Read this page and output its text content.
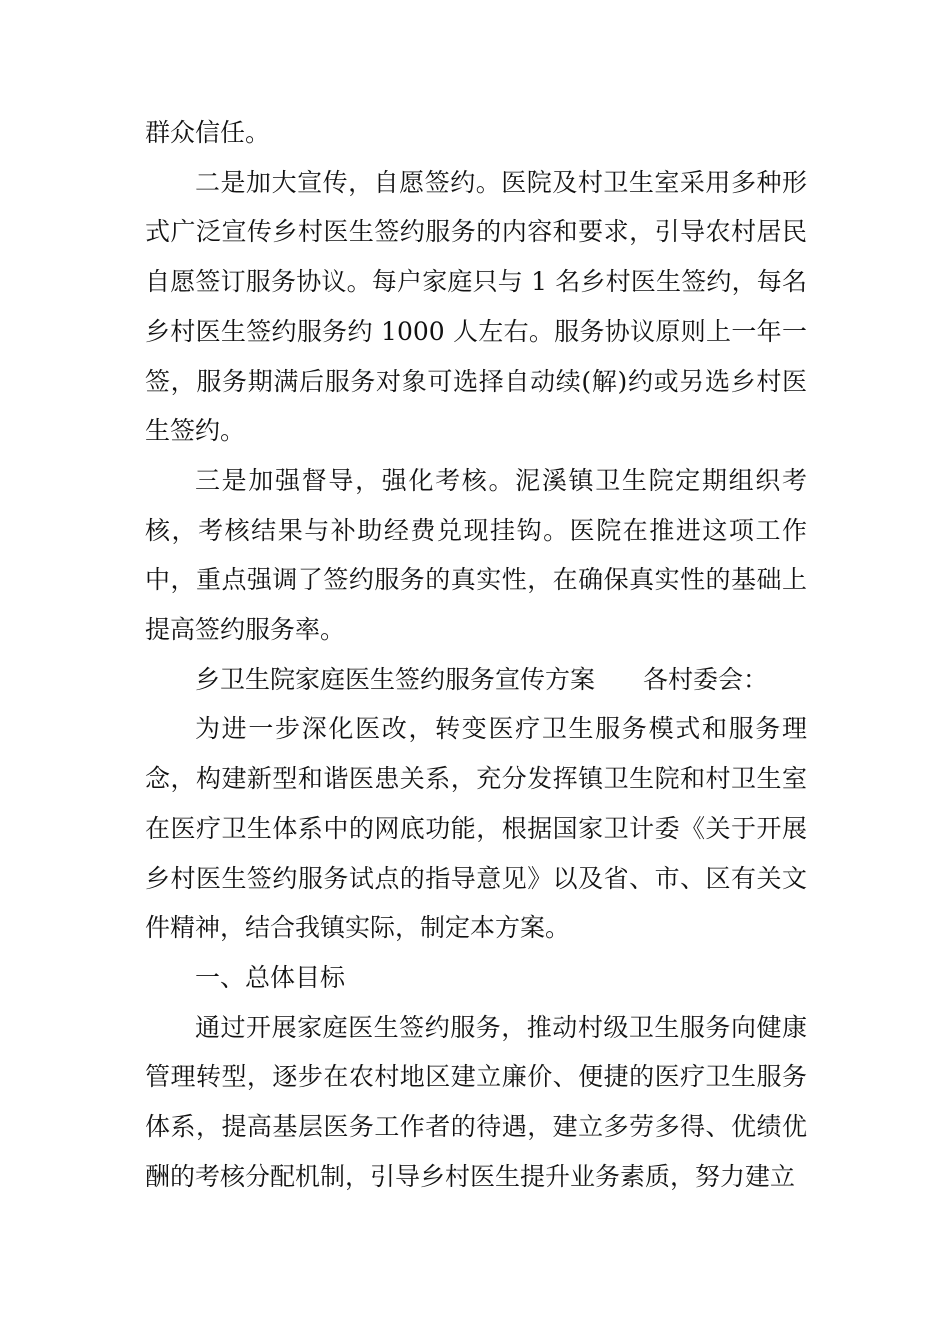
群众信任。

二是加大宣传，自愿签约。医院及村卫生室采用多种形式广泛宣传乡村医生签约服务的内容和要求，引导农村居民自愿签订服务协议。每户家庭只与 1 名乡村医生签约，每名乡村医生签约服务约 1000 人左右。服务协议原则上一年一签，服务期满后服务对象可选择自动续(解)约或另选乡村医生签约。

三是加强督导，强化考核。泥溪镇卫生院定期组织考核，考核结果与补助经费兑现挂钩。医院在推进这项工作中，重点强调了签约服务的真实性，在确保真实性的基础上提高签约服务率。

乡卫生院家庭医生签约服务宣传方案 各村委会：

为进一步深化医改，转变医疗卫生服务模式和服务理念，构建新型和谐医患关系，充分发挥镇卫生院和村卫生室在医疗卫生体系中的网底功能，根据国家卫计委《关于开展乡村医生签约服务试点的指导意见》以及省、市、区有关文件精神，结合我镇实际，制定本方案。

一、总体目标

通过开展家庭医生签约服务，推动村级卫生服务向健康管理转型，逐步在农村地区建立廉价、便捷的医疗卫生服务体系，提高基层医务工作者的待遇，建立多劳多得、优绩优酬的考核分配机制，引导乡村医生提升业务素质，努力建立
